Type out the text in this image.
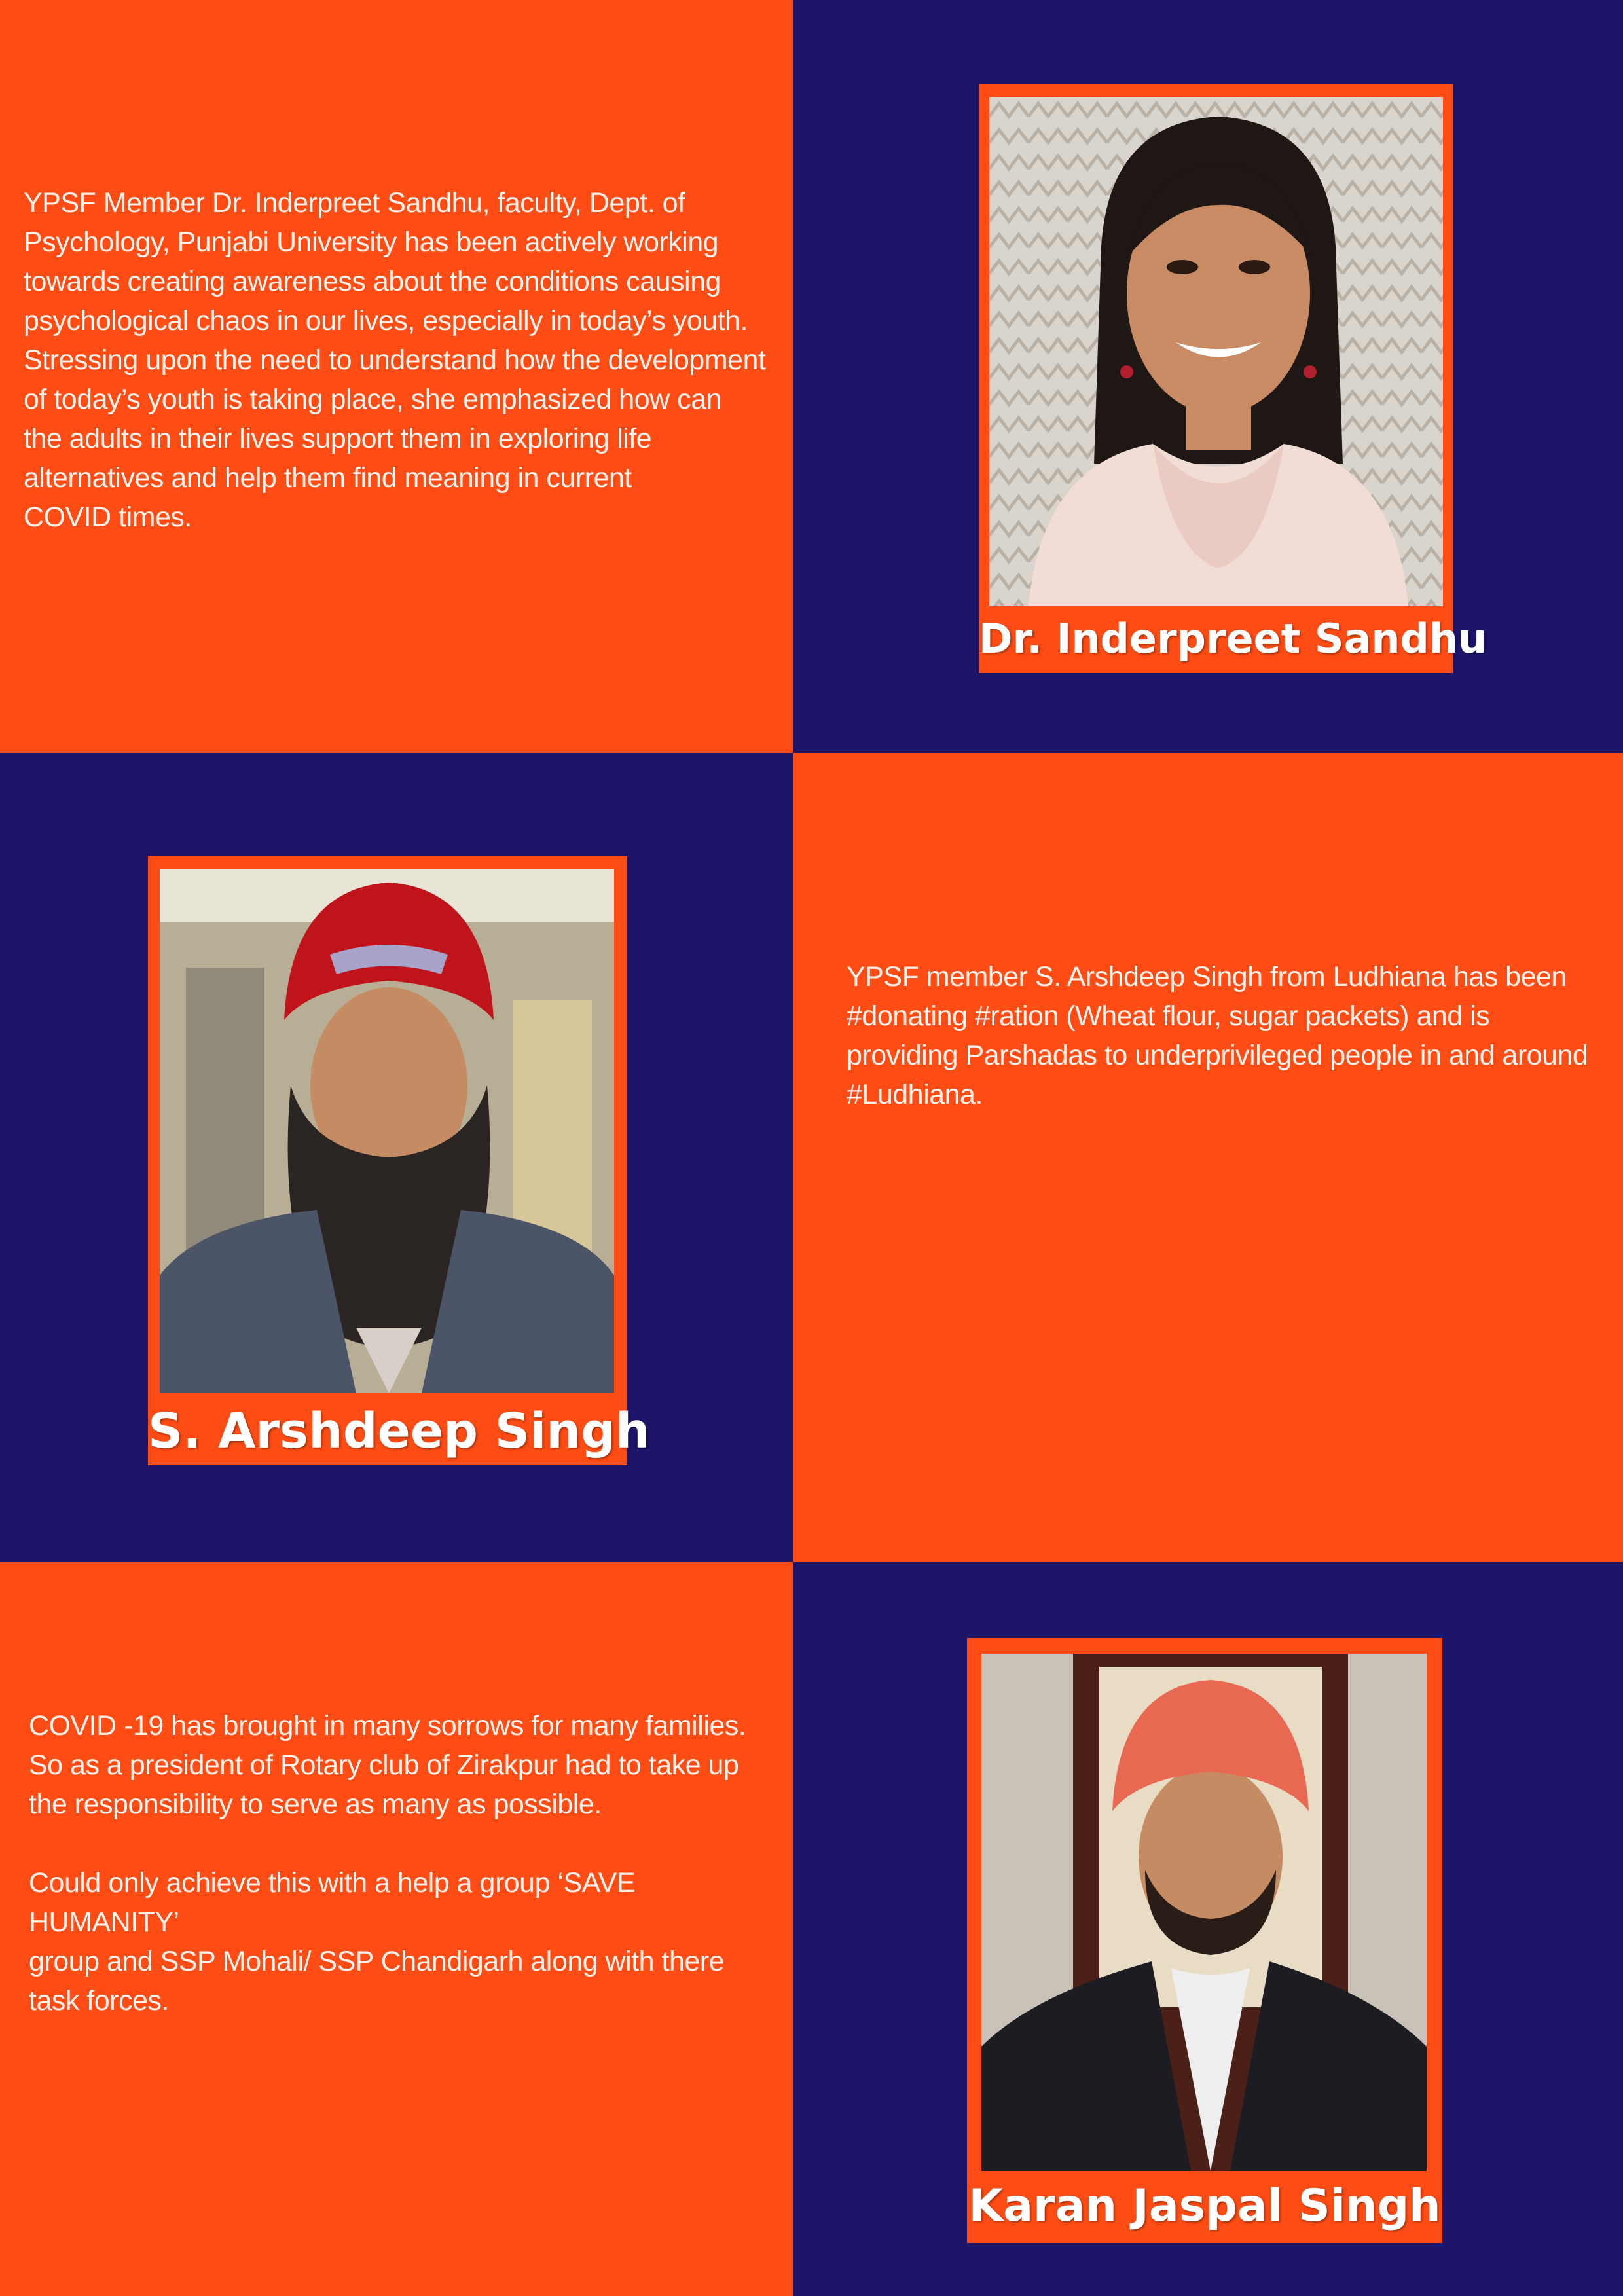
YPSF Member Dr. Inderpreet Sandhu, faculty, Dept. of
Psychology, Punjabi University has been actively working
towards creating awareness about the conditions causing
psychological chaos in our lives, especially in today’s youth.
Stressing upon the need to understand how the development
of today’s youth is taking place, she emphasized how can
the adults in their lives support them in exploring life
alternatives and help them find meaning in current
COVID times.
Dr. Inderpreet Sandhu
S. Arshdeep Singh
YPSF member S. Arshdeep Singh from Ludhiana has been
#donating #ration (Wheat flour, sugar packets) and is
providing Parshadas to underprivileged people in and around
#Ludhiana.
COVID -19 has brought in many sorrows for many families.
So as a president of Rotary club of Zirakpur had to take up
the responsibility to serve as many as possible.

Could only achieve this with a help a group ‘SAVE HUMANITY’
group and SSP Mohali/ SSP Chandigarh along with there
task forces.
Karan Jaspal Singh
